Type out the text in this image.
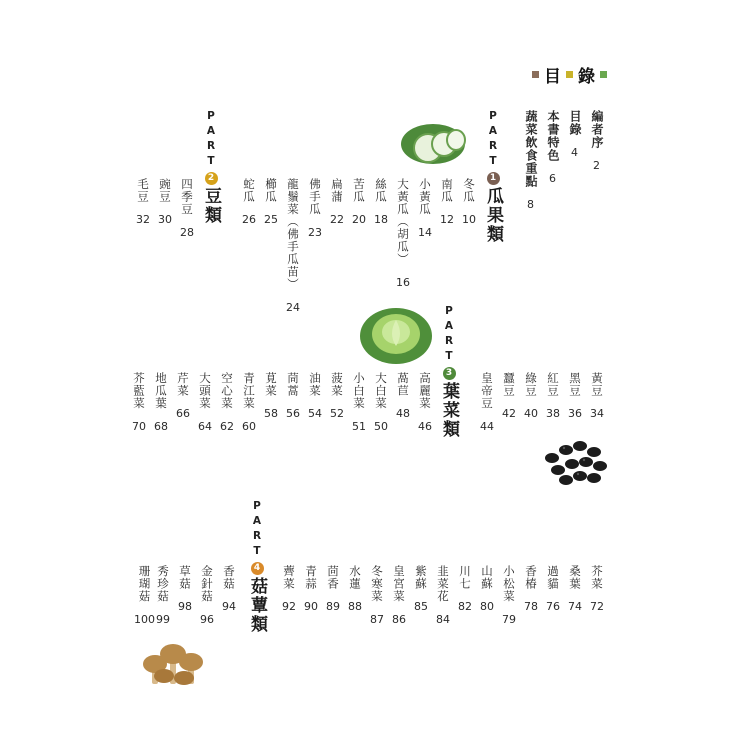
目 錄
編者序2
目錄4
本書特色6
蔬菜飲食重點8
PART
1
瓜果類
PART
2
豆類
PART
3
葉菜類
PART
4
菇蕈類
冬瓜10
南瓜12
小黃瓜14
大黃瓜（胡瓜）16
絲瓜18
苦瓜20
扁蒲22
佛手瓜23
龍鬚菜（佛手瓜苗）24
櫛瓜25
蛇瓜26
四季豆28
豌豆30
毛豆32
黃豆34
黑豆36
紅豆38
綠豆40
蠶豆42
皇帝豆44
高麗菜46
萵苣48
大白菜50
小白菜51
菠菜52
油菜54
茼蒿56
莧菜58
青江菜60
空心菜62
大頭菜64
芹菜66
地瓜葉68
芥藍菜70
芥菜72
桑葉74
過貓76
香椿78
小松菜79
山蘇80
川七82
韭菜花84
紫蘇85
皇宮菜86
冬寒菜87
水蓮88
茴香89
青蒜90
薺菜92
香菇94
金針菇96
草菇98
秀珍菇99
珊瑚菇100
